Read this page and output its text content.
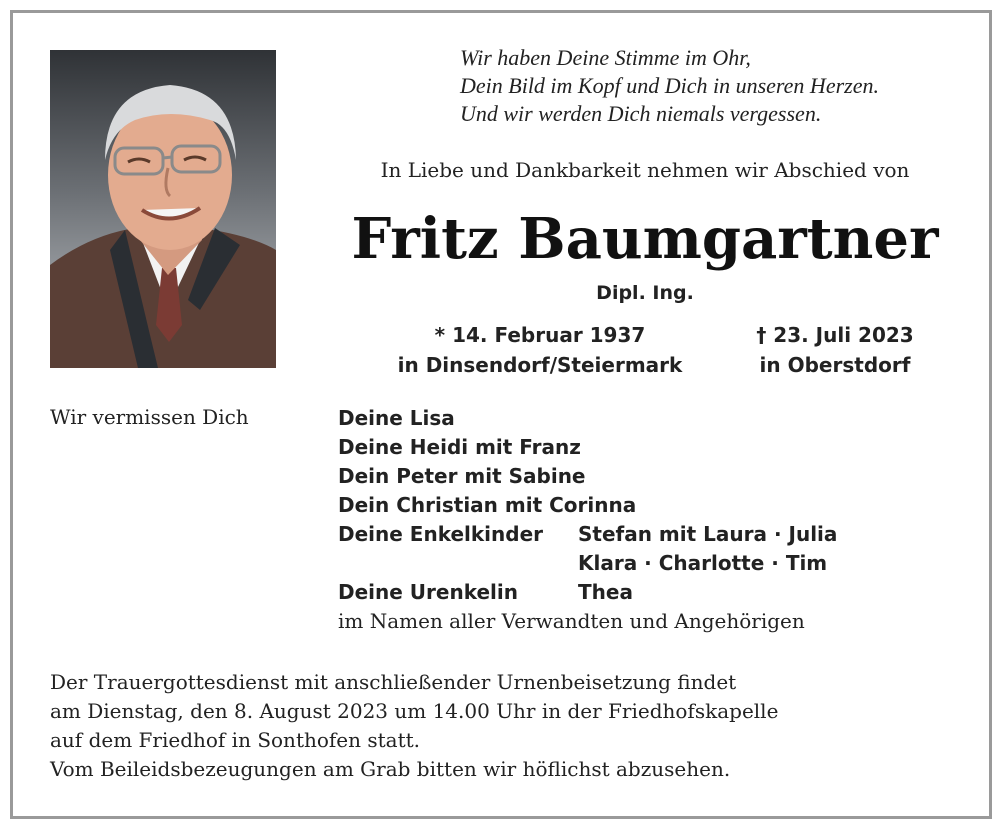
Wir haben Deine Stimme im Ohr,
Dein Bild im Kopf und Dich in unseren Herzen.
Und wir werden Dich niemals vergessen.
In Liebe und Dankbarkeit nehmen wir Abschied von
Fritz Baumgartner
Dipl. Ing.
* 14. Februar 1937
in Dinsendorf/Steiermark
† 23. Juli 2023
in Oberstdorf
Wir vermissen Dich	Deine Lisa
Deine Heidi mit Franz
Dein Peter mit Sabine
Dein Christian mit Corinna
Deine Enkelkinder	Stefan mit Laura · Julia
Klara · Charlotte · Tim
Deine Urenkelin	Thea
im Namen aller Verwandten und Angehörigen
Der Trauergottesdienst mit anschließender Urnenbeisetzung findet
am Dienstag, den 8. August 2023 um 14.00 Uhr in der Friedhofskapelle
auf dem Friedhof in Sonthofen statt.
Vom Beileidsbezeugungen am Grab bitten wir höflichst abzusehen.
